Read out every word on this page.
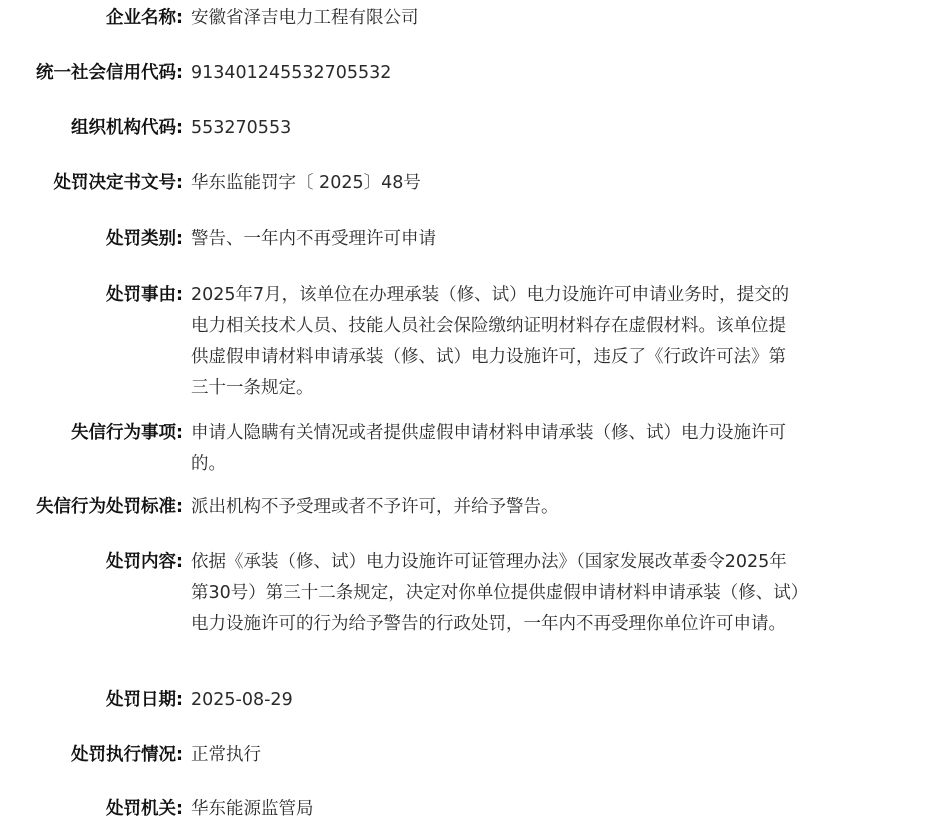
企业名称: 安徽省泽吉电力工程有限公司
统一社会信用代码: 913401245532705532
组织机构代码: 553270553
处罚决定书文号: 华东监能罚字〔 2025〕48号
处罚类别: 警告、一年内不再受理许可申请
处罚事由: 2025年7月，该单位在办理承装（修、试）电力设施许可申请业务时，提交的电力相关技术人员、技能人员社会保险缴纳证明材料存在虚假材料。该单位提供虚假申请材料申请承装（修、试）电力设施许可，违反了《行政许可法》第三十一条规定。
失信行为事项: 申请人隐瞒有关情况或者提供虚假申请材料申请承装（修、试）电力设施许可的。
失信行为处罚标准: 派出机构不予受理或者不予许可，并给予警告。
处罚内容: 依据《承装（修、试）电力设施许可证管理办法》（国家发展改革委令2025年第30号）第三十二条规定，决定对你单位提供虚假申请材料申请承装（修、试）电力设施许可的行为给予警告的行政处罚，一年内不再受理你单位许可申请。
处罚日期: 2025-08-29
处罚执行情况: 正常执行
处罚机关: 华东能源监管局
